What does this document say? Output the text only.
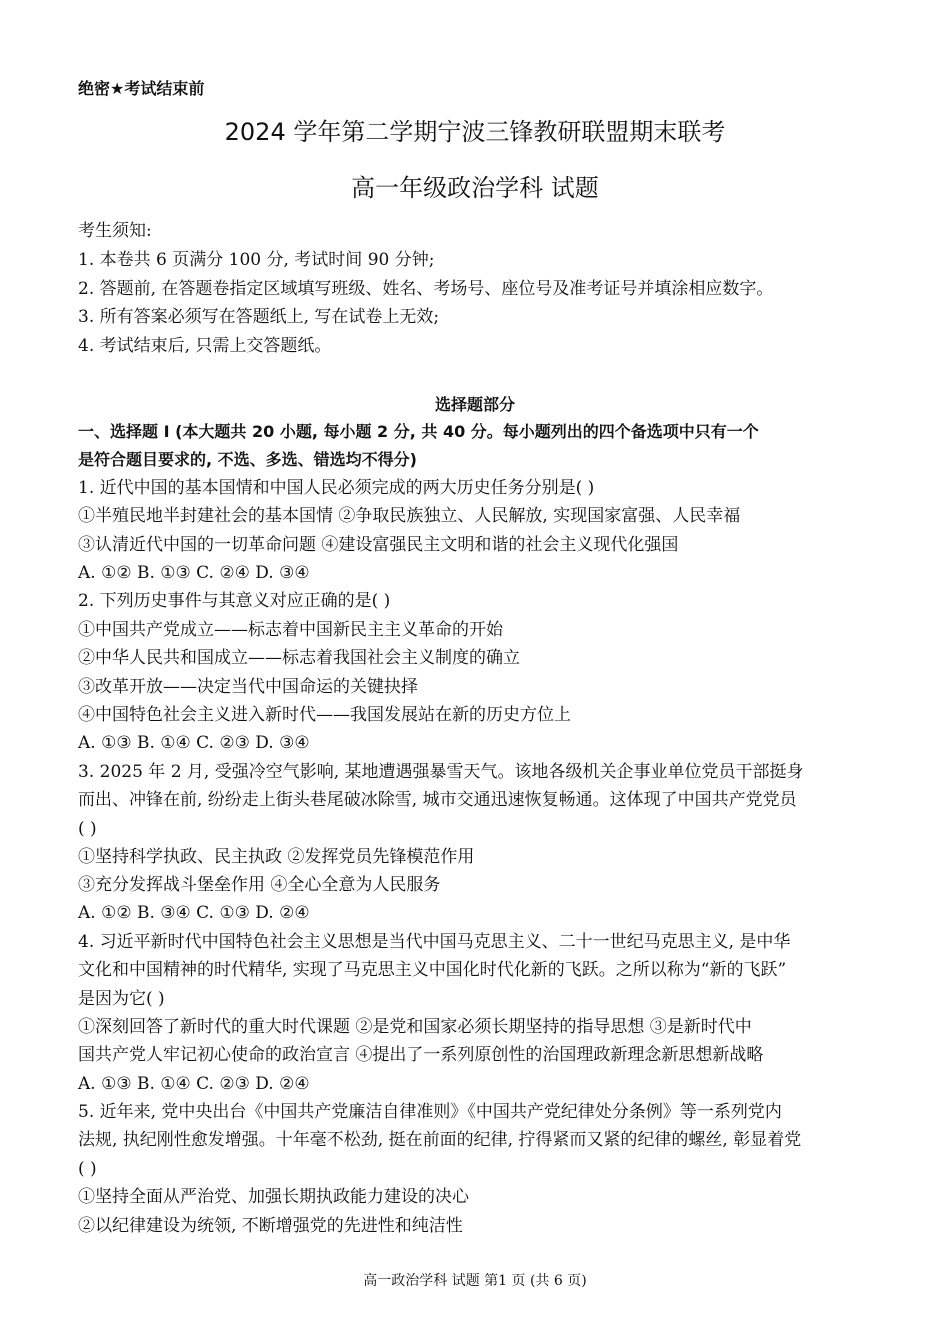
绝密★考试结束前
2024 学年第二学期宁波三锋教研联盟期末联考
高一年级政治学科 试题
考生须知:
1. 本卷共 6 页满分 100 分, 考试时间 90 分钟;
2. 答题前, 在答题卷指定区域填写班级、姓名、考场号、座位号及准考证号并填涂相应数字。
3. 所有答案必须写在答题纸上, 写在试卷上无效;
4. 考试结束后, 只需上交答题纸。
选择题部分
一、选择题 I (本大题共 20 小题, 每小题 2 分, 共 40 分。每小题列出的四个备选项中只有一个
是符合题目要求的, 不选、多选、错选均不得分)
1. 近代中国的基本国情和中国人民必须完成的两大历史任务分别是( )
①半殖民地半封建社会的基本国情 ②争取民族独立、人民解放, 实现国家富强、人民幸福
③认清近代中国的一切革命问题 ④建设富强民主文明和谐的社会主义现代化强国
A. ①② B. ①③ C. ②④ D. ③④
2. 下列历史事件与其意义对应正确的是( )
①中国共产党成立——标志着中国新民主主义革命的开始
②中华人民共和国成立——标志着我国社会主义制度的确立
③改革开放——决定当代中国命运的关键抉择
④中国特色社会主义进入新时代——我国发展站在新的历史方位上
A. ①③ B. ①④ C. ②③ D. ③④
3. 2025 年 2 月, 受强冷空气影响, 某地遭遇强暴雪天气。该地各级机关企事业单位党员干部挺身
而出、冲锋在前, 纷纷走上街头巷尾破冰除雪, 城市交通迅速恢复畅通。这体现了中国共产党党员
( )
①坚持科学执政、民主执政 ②发挥党员先锋模范作用
③充分发挥战斗堡垒作用 ④全心全意为人民服务
A. ①② B. ③④ C. ①③ D. ②④
4. 习近平新时代中国特色社会主义思想是当代中国马克思主义、二十一世纪马克思主义, 是中华
文化和中国精神的时代精华, 实现了马克思主义中国化时代化新的飞跃。之所以称为“新的飞跃”
是因为它( )
①深刻回答了新时代的重大时代课题 ②是党和国家必须长期坚持的指导思想 ③是新时代中
国共产党人牢记初心使命的政治宣言 ④提出了一系列原创性的治国理政新理念新思想新战略
A. ①③ B. ①④ C. ②③ D. ②④
5. 近年来, 党中央出台《中国共产党廉洁自律准则》《中国共产党纪律处分条例》等一系列党内
法规, 执纪刚性愈发增强。十年毫不松劲, 挺在前面的纪律, 拧得紧而又紧的纪律的螺丝, 彰显着党
( )
①坚持全面从严治党、加强长期执政能力建设的决心
②以纪律建设为统领, 不断增强党的先进性和纯洁性
高一政治学科 试题 第1 页 (共 6 页)
